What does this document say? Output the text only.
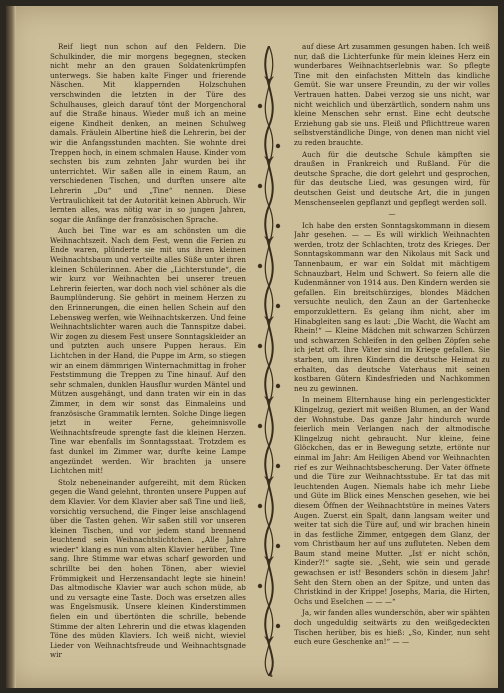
Reif liegt nun schon auf den Feldern. Die Schulkinder, die mir morgens begegnen, stecken nicht mehr an den grauen Soldatenkrümpfen unterwegs. Sie haben kalte Finger und frierende Näschen. Mit klappernden Holzschuhen verschwinden die letzten in der Türe des Schulhauses, gleich darauf tönt der Morgenchoral auf die Straße hinaus. Wieder muß ich an meine eigene Kindheit denken, an meinen Schulweg damals. Fräulein Albertine hieß die Lehrerin, bei der wir die Anfangsstunden machten. Sie wohnte drei Treppen hoch, in einem schmalen Hause. Kinder vom sechsten bis zum zehnten Jahr wurden bei ihr unterrichtet. Wir saßen alle in einem Raum, an verschiedenen Tischen, und durften unsere alte Lehrerin „Du“ und „Tine“ nennen. Diese Vertraulichkeit tat der Autorität keinen Abbruch. Wir lernten alles, was nötig war in so jungen Jahren, sogar die Anfänge der französischen Sprache.

Auch bei Tine war es am schönsten um die Weihnachtszeit. Nach dem Fest, wenn die Ferien zu Ende waren, plünderte sie mit uns ihren kleinen Weihnachtsbaum und verteilte alles Süße unter ihren kleinen Schülerinnen. Aber die „Lichterstunde“, die wir kurz vor Weihnachten bei unserer treuen Lehrerin feierten, war doch noch viel schöner als die Baumplünderung. Sie gehört in meinem Herzen zu den Erinnerungen, die einen hellen Schein auf den Lebensweg werfen, wie Weihnachtskerzen. Und feine Weihnachtslichter waren auch die Tannspitze dabei. Wir zogen zu diesem Fest unsere Sonntagskleider an und putzten auch unsere Puppen heraus. Ein Lichtchen in der Hand, die Puppe im Arm, so stiegen wir an einem dämmrigen Winternachmittag in froher Feststimmung die Treppen zu Tine hinauf. Auf den sehr schmalen, dunklen Hausflur wurden Mäntel und Mützen ausgehängt, und dann traten wir ein in das Zimmer, in dem wir sonst das Einmaleins und französische Grammatik lernten. Solche Dinge liegen jetzt in weiter Ferne, geheimnisvolle Weihnachtsfreude sprengte fast die kleinen Herzen. Tine war ebenfalls im Sonntagsstaat. Trotzdem es fast dunkel im Zimmer war, durfte keine Lampe angezündet werden. Wir brachten ja unsere Lichtchen mit!

Stolz nebeneinander aufgereiht, mit dem Rücken gegen die Wand gelehnt, thronten unsere Puppen auf dem Klavier. Vor dem Klavier aber saß Tine und ließ, vorsichtig versuchend, die Finger leise anschlagend über die Tasten gehen. Wir saßen still vor unseren kleinen Tischen, und vor jedem stand brennend leuchtend sein Weihnachtslichtchen. „Alle Jahre wieder“ klang es nun vom alten Klavier herüber, Tine sang. Ihre Stimme war etwas scharf geworden und schrillte bei den hohen Tönen, aber wieviel Frömmigkeit und Herzensandacht legte sie hinein! Das altmodische Klavier war auch schon müde, ab und zu versagte eine Taste. Doch was ersetzen alles was Engelsmusik. Unsere kleinen Kinderstimmen fielen ein und übertönten die schrille, bebende Stimme der alten Lehrerin und die etwas klagenden Töne des müden Klaviers. Ich weiß nicht, wieviel Lieder von Weihnachtsfreude und Weihnachtsgnade wir

auf diese Art zusammen gesungen haben. Ich weiß nur, daß die Lichterfunke für mein kleines Herz ein wunderbares Weihnachtserlebnis war. So pflegte Tine mit den einfachsten Mitteln das kindliche Gemüt. Sie war unsere Freundin, zu der wir volles Vertrauen hatten. Dabei verzog sie uns nicht, war nicht weichlich und überzärtlich, sondern nahm uns kleine Menschen sehr ernst. Eine echt deutsche Erziehung gab sie uns. Fleiß und Pflichttreue waren selbstverständliche Dinge, von denen man nicht viel zu reden brauchte.

Auch für die deutsche Schule kämpften sie draußen in Frankreich und Rußland. Für die deutsche Sprache, die dort gelehrt und gesprochen, für das deutsche Lied, was gesungen wird, für deutschen Geist und deutsche Art, die in jungen Menschenseelen gepflanzt und gepflegt werden soll.

—

Ich habe den ersten Sonntagskommann in diesem Jahr gesehen. — — Es will wirklich Weihnachten werden, trotz der Schlachten, trotz des Krieges. Der Sonntagskommann war den Nikolaus mit Sack und Tannenbaum, er war ein Soldat mit mächtigem Schnauzbart, Helm und Schwert. So feiern alle die Kudenmänner von 1914 aus. Den Kindern werden sie gefallen. Ein breitschürziges, blondes Mädchen versuchte neulich, den Zaun an der Gartenhecke emporzuklettern. Es gelang ihm nicht, aber im Hinabgleiten sang es laut: „Die Wacht, die Wacht am Rhein!“ — Kleine Mädchen mit schwarzen Schürzen und schwarzen Schleifen in den gelben Zöpfen sehe ich jetzt oft. Ihre Väter sind im Kriege gefallen. Sie starben, um ihren Kindern die deutsche Heimat zu erhalten, das deutsche Vaterhaus mit seinen kostbaren Gütern Kindesfrieden und Nachkommen neu zu gewinnen.

In meinem Elternhause hing ein perlengestickter Klingelzug, geziert mit weißen Blumen, an der Wand der Wohnstube. Das ganze Jahr hindurch wurde feierlich mein Verlangen nach der altmodische Klingelzug nicht gebraucht. Nur kleine, feine Glöckchen, das er in Bewegung setzte, ertönte nur einmal im Jahr: Am Heiligen Abend vor Weihnachten rief es zur Weihnachtsbescherung. Der Vater öffnete und die Türe zur Weihnachtsstube. Er tat das mit leuchtenden Augen. Niemals habe ich mehr Liebe und Güte im Blick eines Menschen gesehen, wie bei diesem Öffnen der Weihnachtstüre in meines Vaters Augen. Zuerst ein Spalt, dann langsam weiter und weiter tat sich die Türe auf, und wir brachen hinein in das festliche Zimmer, entgegen dem Glanz, der vom Christbaum her auf uns zufluteten. Neben dem Baum stand meine Mutter. „Ist er nicht schön, Kinder?!“ sagte sie. „Seht, wie sein und gerade gewachsen er ist! Besonders schön in diesem Jahr! Seht den Stern oben an der Spitze, und unten das Christkind in der Krippe! Josephs, Maria, die Hirten, Ochs und Eselchen — — —“

Ja, wir fanden alles wunderschön, aber wir spähten doch ungeduldig seitwärts zu den weißgedeckten Tischen herüber, bis es hieß: „So, Kinder, nun seht euch eure Geschenke an!“ — —

4
